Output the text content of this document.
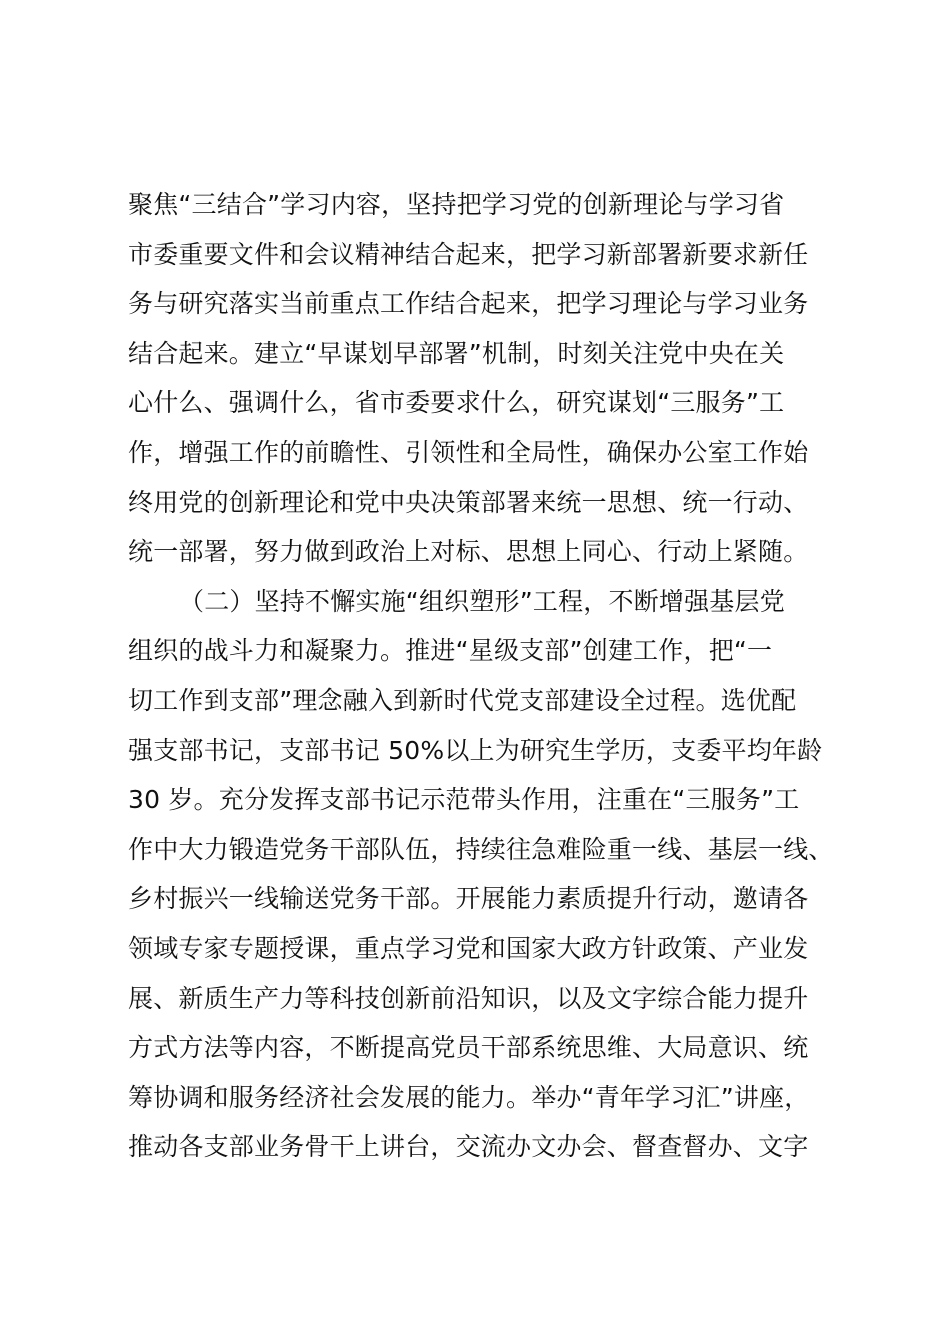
聚焦“三结合”学习内容，坚持把学习党的创新理论与学习省
市委重要文件和会议精神结合起来，把学习新部署新要求新任
务与研究落实当前重点工作结合起来，把学习理论与学习业务
结合起来。建立“早谋划早部署”机制，时刻关注党中央在关
心什么、强调什么，省市委要求什么，研究谋划“三服务”工
作，增强工作的前瞻性、引领性和全局性，确保办公室工作始
终用党的创新理论和党中央决策部署来统一思想、统一行动、
统一部署，努力做到政治上对标、思想上同心、行动上紧随。
（二）坚持不懈实施“组织塑形”工程，不断增强基层党
组织的战斗力和凝聚力。推进“星级支部”创建工作，把“一
切工作到支部”理念融入到新时代党支部建设全过程。选优配
强支部书记，支部书记 50%以上为研究生学历，支委平均年龄
30 岁。充分发挥支部书记示范带头作用，注重在“三服务”工
作中大力锻造党务干部队伍，持续往急难险重一线、基层一线、
乡村振兴一线输送党务干部。开展能力素质提升行动，邀请各
领域专家专题授课，重点学习党和国家大政方针政策、产业发
展、新质生产力等科技创新前沿知识，以及文字综合能力提升
方式方法等内容，不断提高党员干部系统思维、大局意识、统
筹协调和服务经济社会发展的能力。举办“青年学习汇”讲座，
推动各支部业务骨干上讲台，交流办文办会、督查督办、文字
